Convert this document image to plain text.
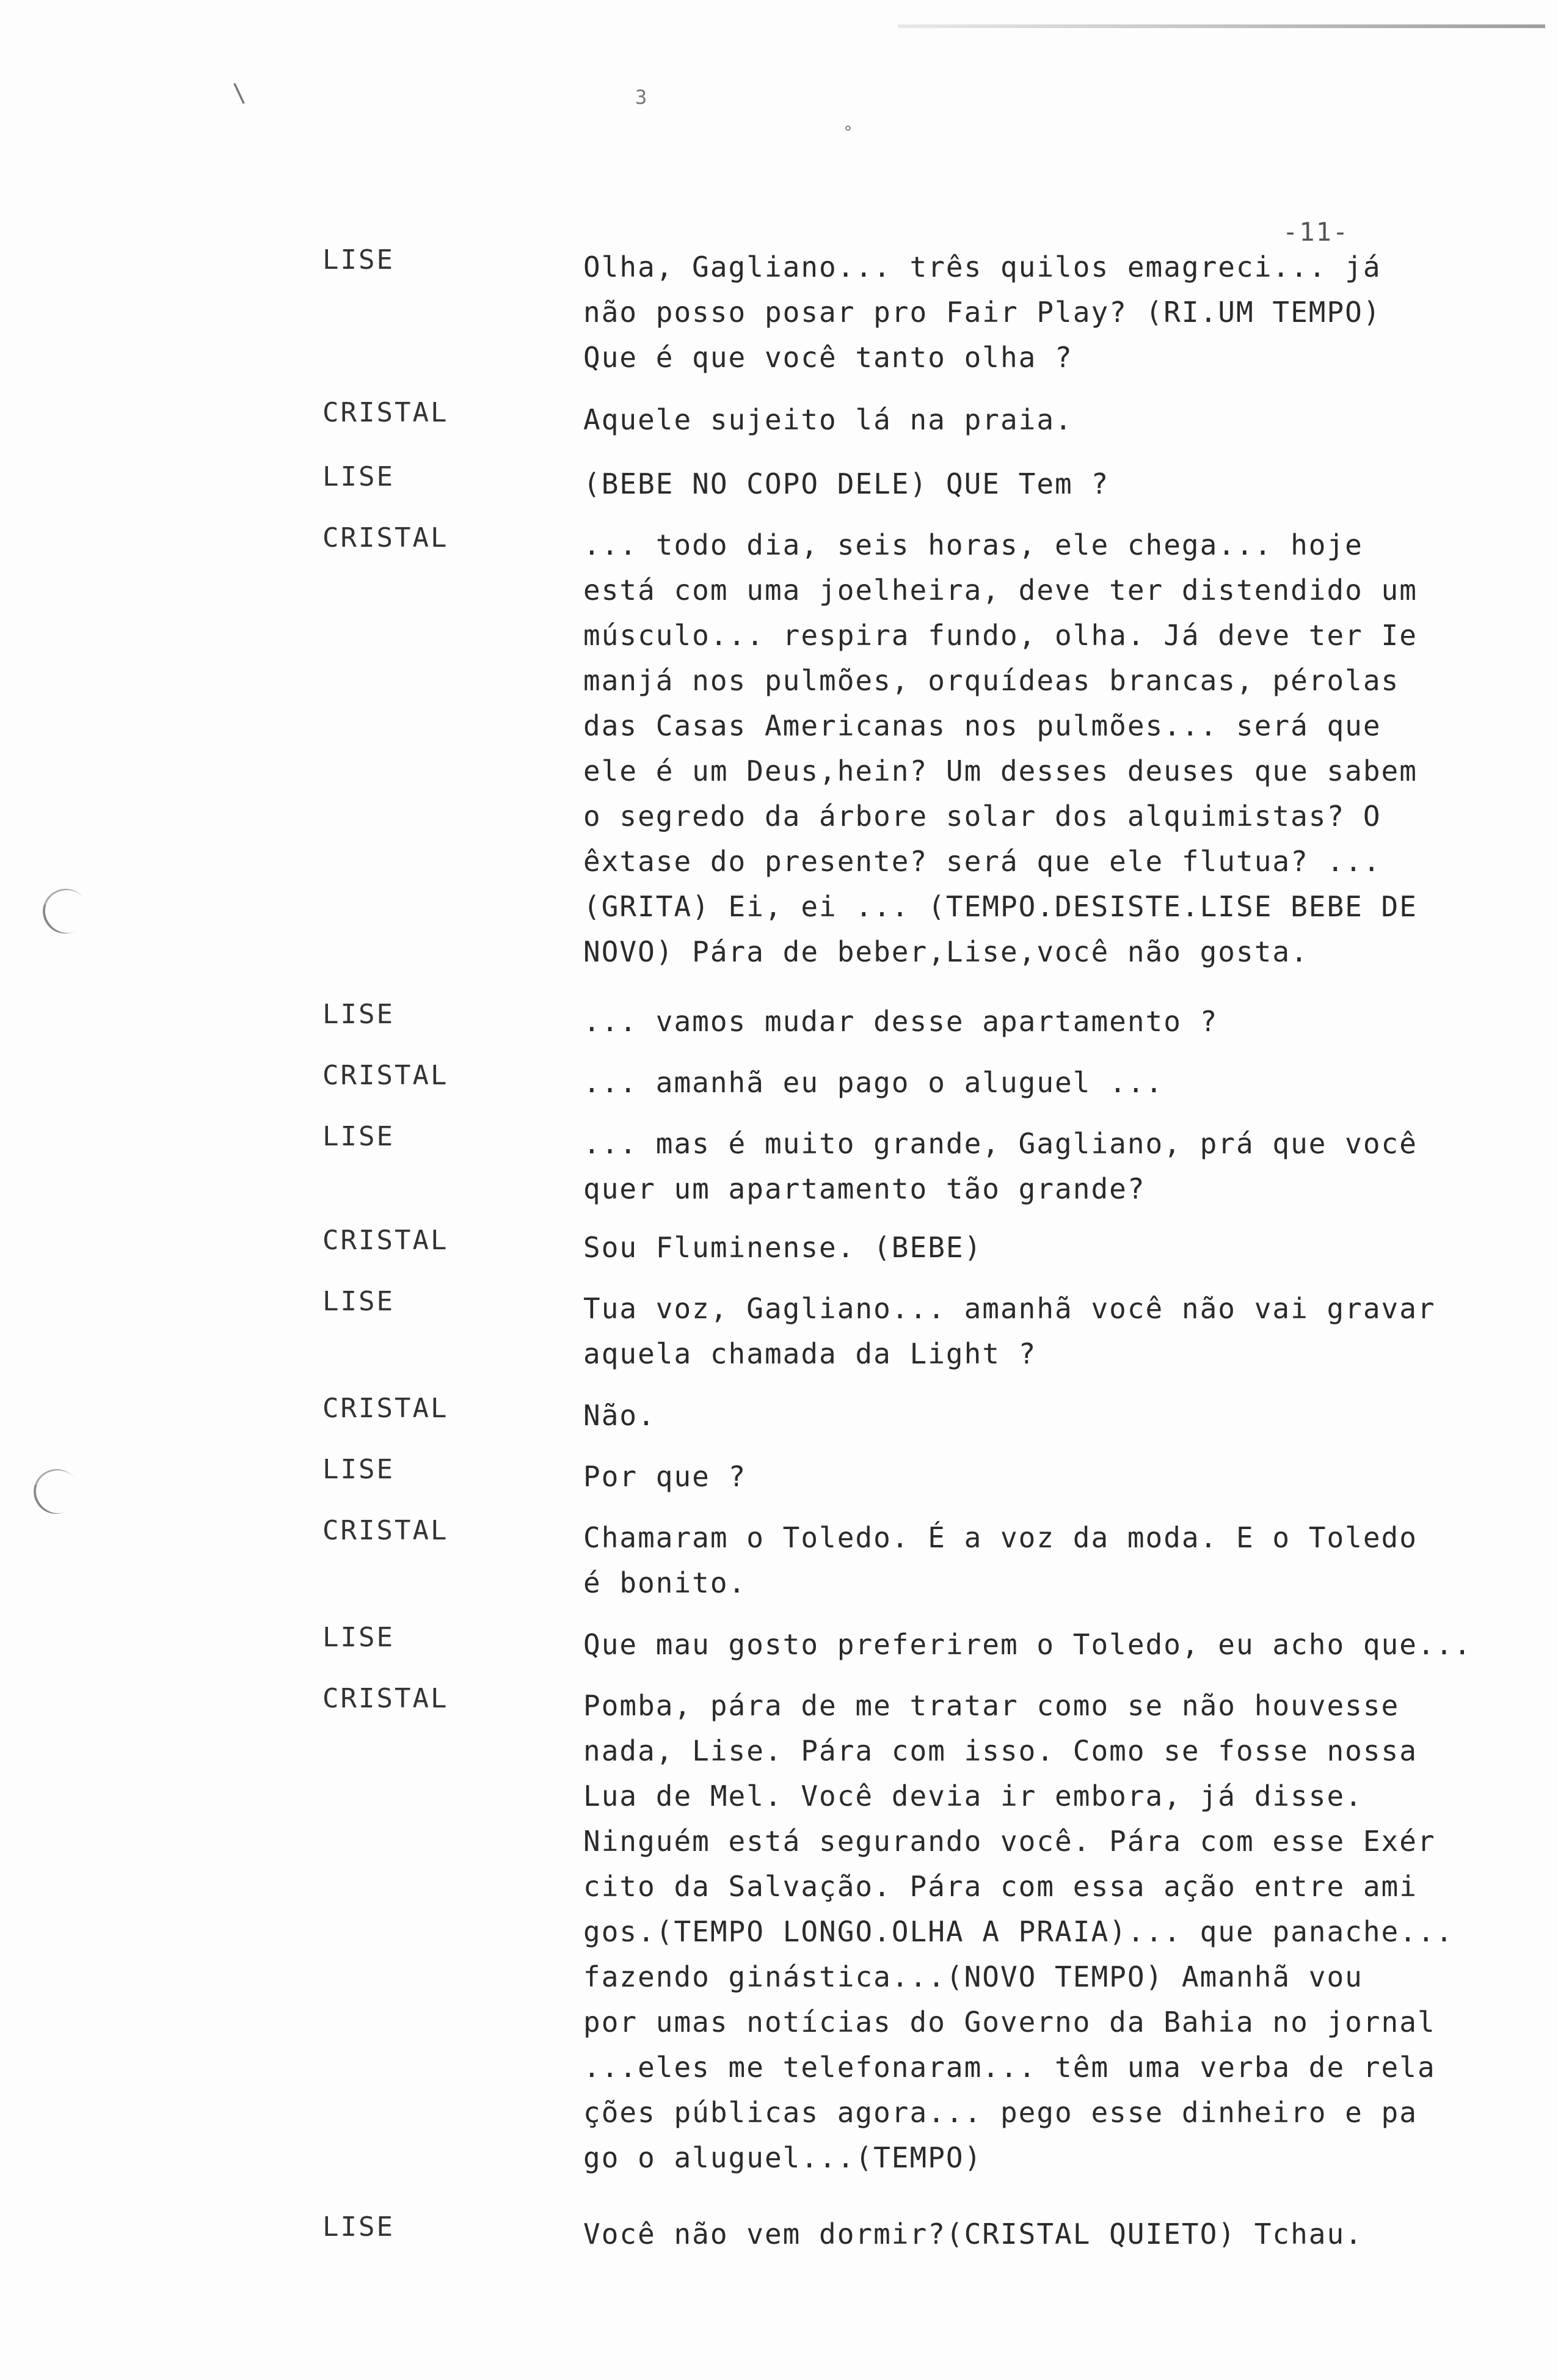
\	3
°
-11-
LISE	Olha, Gagliano... três quilos emagreci... já
não posso posar pro Fair Play? (RI.UM TEMPO)
Que é que você tanto olha ?
CRISTAL	Aquele sujeito lá na praia.
LISE	(BEBE NO COPO DELE) QUE Tem ?
CRISTAL	... todo dia, seis horas, ele chega... hoje
está com uma joelheira, deve ter distendido um
músculo... respira fundo, olha. Já deve ter Ie
manjá nos pulmões, orquídeas brancas, pérolas
das Casas Americanas nos pulmões... será que
ele é um Deus,hein? Um desses deuses que sabem
o segredo da árbore solar dos alquimistas? O
êxtase do presente? será que ele flutua? ...
(GRITA) Ei, ei ... (TEMPO.DESISTE.LISE BEBE DE
NOVO) Pára de beber,Lise,você não gosta.
LISE	... vamos mudar desse apartamento ?
CRISTAL	... amanhã eu pago o aluguel ...
LISE	... mas é muito grande, Gagliano, prá que você
quer um apartamento tão grande?
CRISTAL	Sou Fluminense. (BEBE)
LISE	Tua voz, Gagliano... amanhã você não vai gravar
aquela chamada da Light ?
CRISTAL	Não.
LISE	Por que ?
CRISTAL	Chamaram o Toledo. É a voz da moda. E o Toledo
é bonito.
LISE	Que mau gosto preferirem o Toledo, eu acho que...
CRISTAL	Pomba, pára de me tratar como se não houvesse
nada, Lise. Pára com isso. Como se fosse nossa
Lua de Mel. Você devia ir embora, já disse.
Ninguém está segurando você. Pára com esse Exér
cito da Salvação. Pára com essa ação entre ami
gos.(TEMPO LONGO.OLHA A PRAIA)... que panache...
fazendo ginástica...(NOVO TEMPO) Amanhã vou
por umas notícias do Governo da Bahia no jornal
...eles me telefonaram... têm uma verba de rela
ções públicas agora... pego esse dinheiro e pa
go o aluguel...(TEMPO)
LISE	Você não vem dormir?(CRISTAL QUIETO) Tchau.
